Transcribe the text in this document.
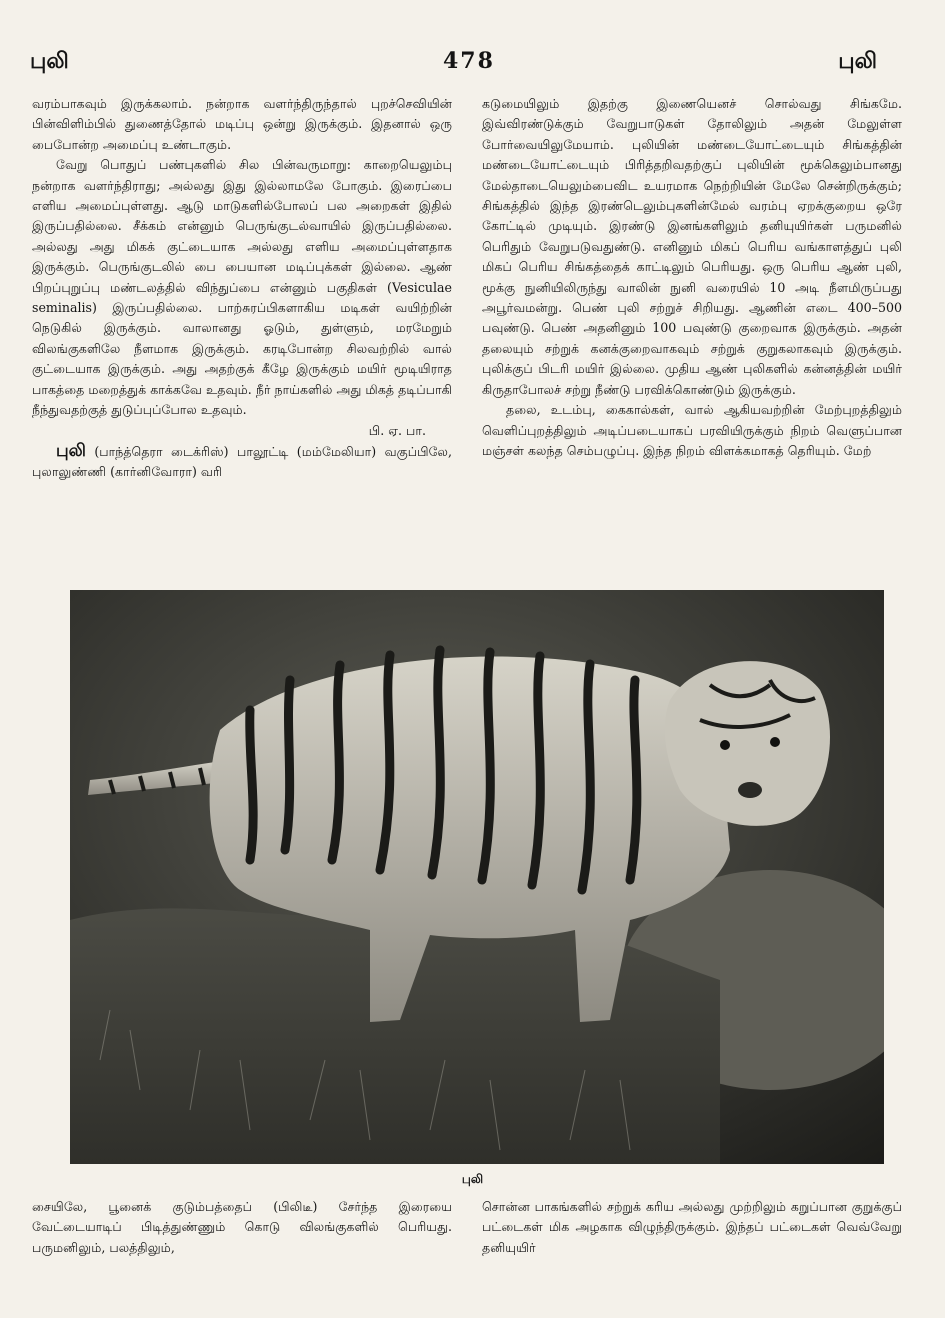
புலி	478	புலி

வரம்பாகவும் இருக்கலாம். நன்றாக வளர்ந்திருந்தால் புறச்செவியின் பின்விளிம்பில் துணைத்தோல் மடிப்பு ஒன்று இருக்கும். இதனால் ஒரு பைபோன்ற அமைப்பு உண்டாகும்.

வேறு பொதுப் பண்புகளில் சில பின்வருமாறு: காறையெலும்பு நன்றாக வளர்ந்திராது; அல்லது இது இல்லாமலே போகும். இரைப்பை எளிய அமைப்புள்ளது. ஆடு மாடுகளில்போலப் பல அறைகள் இதில் இருப்பதில்லை. சீக்கம் என்னும் பெருங்குடல்வாயில் இருப்பதில்லை. அல்லது அது மிகக் குட்டையாக அல்லது எளிய அமைப்புள்ளதாக இருக்கும். பெருங்குடலில் பை பையான மடிப்புக்கள் இல்லை. ஆண் பிறப்புறுப்பு மண்டலத்தில் விந்துப்பை என்னும் பகுதிகள் (Vesiculae seminalis) இருப்பதில்லை. பாற்சுரப்பிகளாகிய மடிகள் வயிற்றின் நெடுகில் இருக்கும். வாலானது ஓடும், துள்ளும், மரமேறும் விலங்குகளிலே நீளமாக இருக்கும். கரடிபோன்ற சிலவற்றில் வால் குட்டையாக இருக்கும். அது அதற்குக் கீழே இருக்கும் மயிர் மூடியிராத பாகத்தை மறைத்துக் காக்கவே உதவும். நீர் நாய்களில் அது மிகத் தடிப்பாகி நீந்துவதற்குத் துடுப்புப்போல உதவும்.

பி. ஏ. பா.

புலி (பாந்த்தெரா டைக்ரிஸ்) பாலூட்டி (மம்மேலியா) வகுப்பிலே, புலாலுண்ணி (கார்னிவோரா) வரி

கடுமையிலும் இதற்கு இணையெனச் சொல்வது சிங்கமே. இவ்விரண்டுக்கும் வேறுபாடுகள் தோலிலும் அதன் மேலுள்ள போர்வையிலுமேயாம். புலியின் மண்டையோட்டையும் சிங்கத்தின் மண்டையோட்டையும் பிரித்தறிவதற்குப் புலியின் மூக்கெலும்பானது மேல்தாடையெலும்பைவிட உயரமாக நெற்றியின் மேலே சென்றிருக்கும்; சிங்கத்தில் இந்த இரண்டெலும்புகளின்மேல் வரம்பு ஏறக்குறைய ஒரே கோட்டில் முடியும். இரண்டு இனங்களிலும் தனியுயிர்கள் பருமனில் பெரிதும் வேறுபடுவதுண்டு. எனினும் மிகப் பெரிய வங்காளத்துப் புலி மிகப் பெரிய சிங்கத்தைக் காட்டிலும் பெரியது. ஒரு பெரிய ஆண் புலி, மூக்கு நுனியிலிருந்து வாலின் நுனி வரையில் 10 அடி நீளமிருப்பது அபூர்வமன்று. பெண் புலி சற்றுச் சிறியது. ஆணின் எடை 400–500 பவுண்டு. பெண் அதனினும் 100 பவுண்டு குறைவாக இருக்கும். அதன் தலையும் சற்றுக் கனக்குறைவாகவும் சற்றுக் குறுகலாகவும் இருக்கும். புலிக்குப் பிடரி மயிர் இல்லை. முதிய ஆண் புலிகளில் கன்னத்தின் மயிர் கிருதாபோலச் சற்று நீண்டு பரவிக்கொண்டும் இருக்கும்.

தலை, உடம்பு, கைகால்கள், வால் ஆகியவற்றின் மேற்புறத்திலும் வெளிப்புறத்திலும் அடிப்படையாகப் பரவியிருக்கும் நிறம் வெளுப்பான மஞ்சள் கலந்த செம்பழுப்பு. இந்த நிறம் விளக்கமாகத் தெரியும். மேற்

புலி

சையிலே, பூனைக் குடும்பத்தைப் (பிலிடீ) சேர்ந்த இரையை வேட்டையாடிப் பிடித்துண்ணும் கொடு விலங்குகளில் பெரியது. பருமனிலும், பலத்திலும்,

சொன்ன பாகங்களில் சற்றுக் கரிய அல்லது முற்றிலும் கறுப்பான குறுக்குப் பட்டைகள் மிக அழகாக விழுந்திருக்கும். இந்தப் பட்டைகள் வெவ்வேறு தனியுயிர்
